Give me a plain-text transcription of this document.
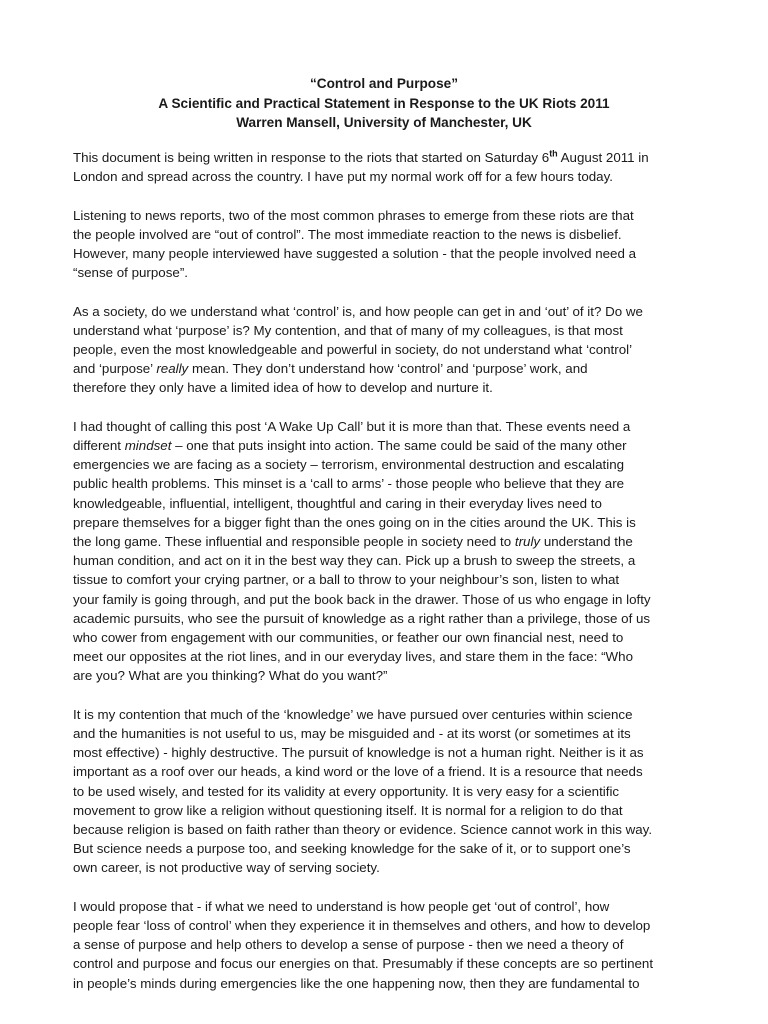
“Control and Purpose”
A Scientific and Practical Statement in Response to the UK Riots 2011
Warren Mansell, University of Manchester, UK

This document is being written in response to the riots that started on Saturday 6th August 2011 in
London and spread across the country. I have put my normal work off for a few hours today.

Listening to news reports, two of the most common phrases to emerge from these riots are that
the people involved are “out of control”. The most immediate reaction to the news is disbelief.
However, many people interviewed have suggested a solution - that the people involved need a
“sense of purpose”.

As a society, do we understand what ‘control’ is, and how people can get in and ‘out’ of it? Do we
understand what ‘purpose’ is? My contention, and that of many of my colleagues, is that most
people, even the most knowledgeable and powerful in society, do not understand what ‘control’
and ‘purpose’ really mean. They don’t understand how ‘control’ and ‘purpose’ work, and
therefore they only have a limited idea of how to develop and nurture it.

I had thought of calling this post ‘A Wake Up Call’ but it is more than that. These events need a
different mindset – one that puts insight into action. The same could be said of the many other
emergencies we are facing as a society – terrorism, environmental destruction and escalating
public health problems. This minset is a ‘call to arms’ - those people who believe that they are
knowledgeable, influential, intelligent, thoughtful and caring in their everyday lives need to
prepare themselves for a bigger fight than the ones going on in the cities around the UK. This is
the long game. These influential and responsible people in society need to truly understand the
human condition, and act on it in the best way they can. Pick up a brush to sweep the streets, a
tissue to comfort your crying partner, or a ball to throw to your neighbour’s son, listen to what
your family is going through, and put the book back in the drawer. Those of us who engage in lofty
academic pursuits, who see the pursuit of knowledge as a right rather than a privilege, those of us
who cower from engagement with our communities, or feather our own financial nest, need to
meet our opposites at the riot lines, and in our everyday lives, and stare them in the face: “Who
are you? What are you thinking? What do you want?”

It is my contention that much of the ‘knowledge’ we have pursued over centuries within science
and the humanities is not useful to us, may be misguided and - at its worst (or sometimes at its
most effective) - highly destructive. The pursuit of knowledge is not a human right. Neither is it as
important as a roof over our heads, a kind word or the love of a friend. It is a resource that needs
to be used wisely, and tested for its validity at every opportunity. It is very easy for a scientific
movement to grow like a religion without questioning itself. It is normal for a religion to do that
because religion is based on faith rather than theory or evidence. Science cannot work in this way.
But science needs a purpose too, and seeking knowledge for the sake of it, or to support one’s
own career, is not productive way of serving society.

I would propose that - if what we need to understand is how people get ‘out of control’, how
people fear ‘loss of control’ when they experience it in themselves and others, and how to develop
a sense of purpose and help others to develop a sense of purpose - then we need a theory of
control and purpose and focus our energies on that. Presumably if these concepts are so pertinent
in people’s minds during emergencies like the one happening now, then they are fundamental to
